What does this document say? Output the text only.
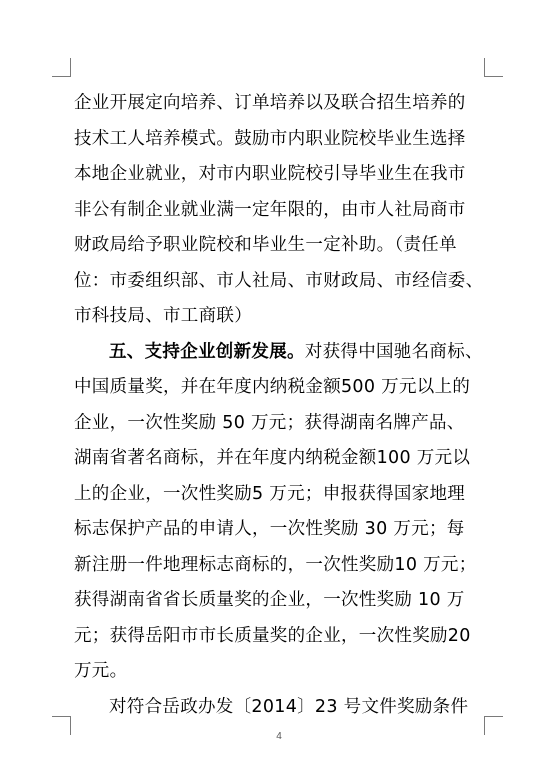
企业开展定向培养、订单培养以及联合招生培养的
技术工人培养模式。鼓励市内职业院校毕业生选择
本地企业就业，对市内职业院校引导毕业生在我市
非公有制企业就业满一定年限的，由市人社局商市
财政局给予职业院校和毕业生一定补助。（责任单
位：市委组织部、市人社局、市财政局、市经信委、
市科技局、市工商联）
五、支持企业创新发展。对获得中国驰名商标、
中国质量奖，并在年度内纳税金额500 万元以上的
企业，一次性奖励 50 万元；获得湖南名牌产品、
湖南省著名商标，并在年度内纳税金额100 万元以
上的企业，一次性奖励5 万元；申报获得国家地理
标志保护产品的申请人，一次性奖励 30 万元；每
新注册一件地理标志商标的，一次性奖励10 万元；
获得湖南省省长质量奖的企业，一次性奖励 10 万
元；获得岳阳市市长质量奖的企业，一次性奖励20
万元。
对符合岳政办发〔2014〕23 号文件奖励条件
4
